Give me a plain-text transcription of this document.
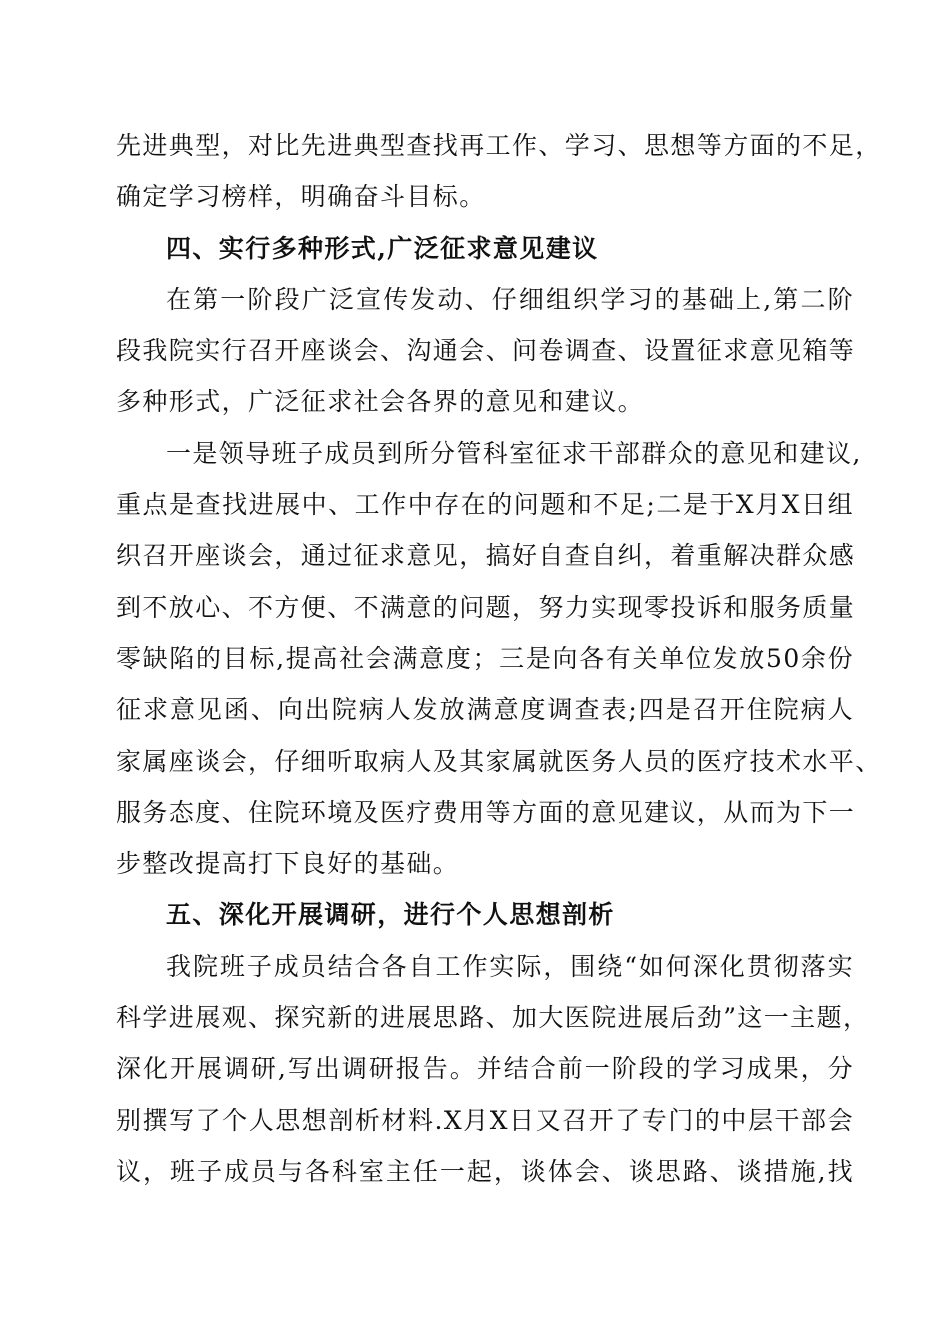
先进典型，对比先进典型查找再工作、学习、思想等方面的不足，
确定学习榜样，明确奋斗目标。
四、实行多种形式,广泛征求意见建议
在第一阶段广泛宣传发动、仔细组织学习的基础上,第二阶
段我院实行召开座谈会、沟通会、问卷调查、设置征求意见箱等
多种形式，广泛征求社会各界的意见和建议。
一是领导班子成员到所分管科室征求干部群众的意见和建议,
重点是查找进展中、工作中存在的问题和不足;二是于X月X日组
织召开座谈会，通过征求意见，搞好自查自纠，着重解决群众感
到不放心、不方便、不满意的问题，努力实现零投诉和服务质量
零缺陷的目标,提高社会满意度；三是向各有关单位发放50余份
征求意见函、向出院病人发放满意度调查表;四是召开住院病人
家属座谈会，仔细听取病人及其家属就医务人员的医疗技术水平、
服务态度、住院环境及医疗费用等方面的意见建议，从而为下一
步整改提高打下良好的基础。
五、深化开展调研，进行个人思想剖析
我院班子成员结合各自工作实际，围绕“如何深化贯彻落实
科学进展观、探究新的进展思路、加大医院进展后劲”这一主题，
深化开展调研,写出调研报告。并结合前一阶段的学习成果，分
别撰写了个人思想剖析材料.X月X日又召开了专门的中层干部会
议，班子成员与各科室主任一起，谈体会、谈思路、谈措施,找
